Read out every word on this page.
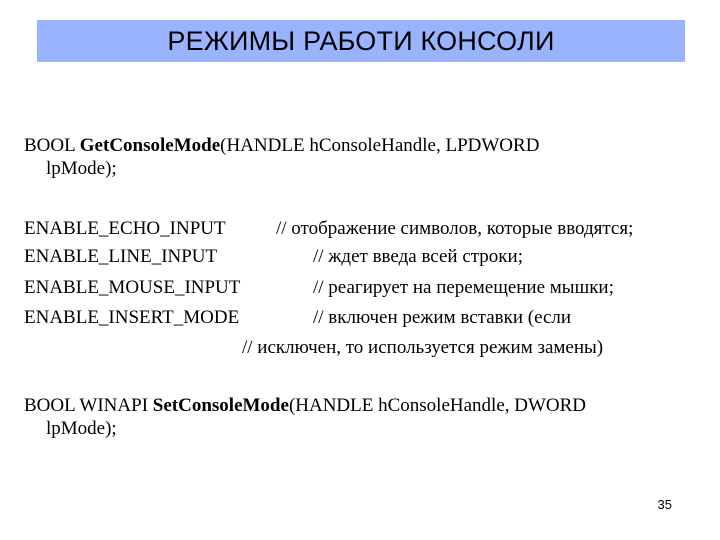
РЕЖИМЫ РАБОТИ КОНСОЛИ
BOOL GetConsoleMode(HANDLE hConsoleHandle, LPDWORD
lpMode);
ENABLE_ECHO_INPUT	// отображение символов, которые вводятся;
ENABLE_LINE_INPUT	// ждет введа всей строки;
ENABLE_MOUSE_INPUT	// реагирует на перемещение мышки;
ENABLE_INSERT_MODE	// включен режим вставки (если
// исключен, то используется режим замены)
BOOL WINAPI SetConsoleMode(HANDLE hConsoleHandle, DWORD
lpMode);
35
